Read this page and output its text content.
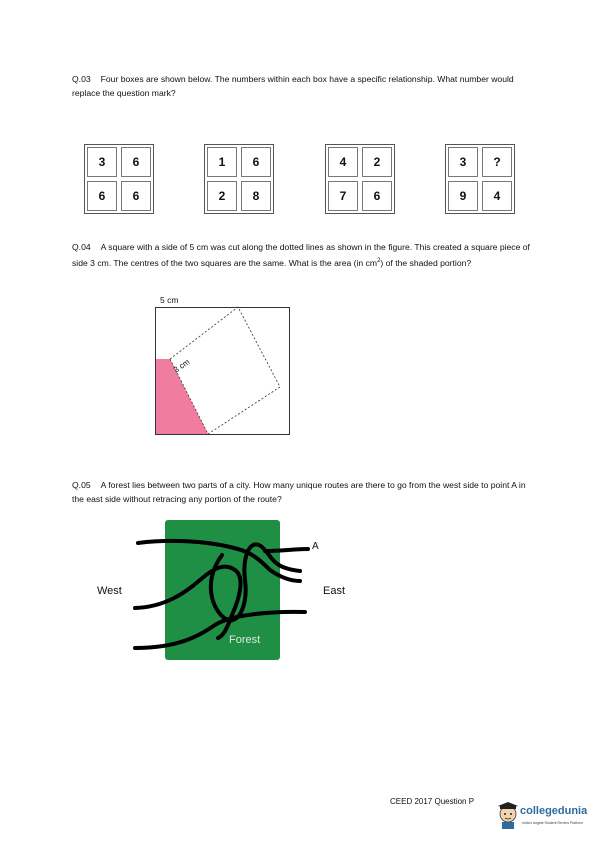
Q.03 Four boxes are shown below. The numbers within each box have a specific relationship. What number would replace the question mark?
3	6
6	6
1	6
2	8
4	2
7	6
3	?
9	4
Q.04 A square with a side of 5 cm was cut along the dotted lines as shown in the figure. This created a square piece of side 3 cm. The centres of the two squares are the same. What is the area (in $cm^2$) of the shaded portion?
5 cm
3 cm
Q.05 A forest lies between two parts of a city. How many unique routes are there to go from the west side to point A in the east side without retracing any portion of the route?
A
West	East
Forest
CEED 2017 Question P
collegedunia
India's largest Student Review Platform
